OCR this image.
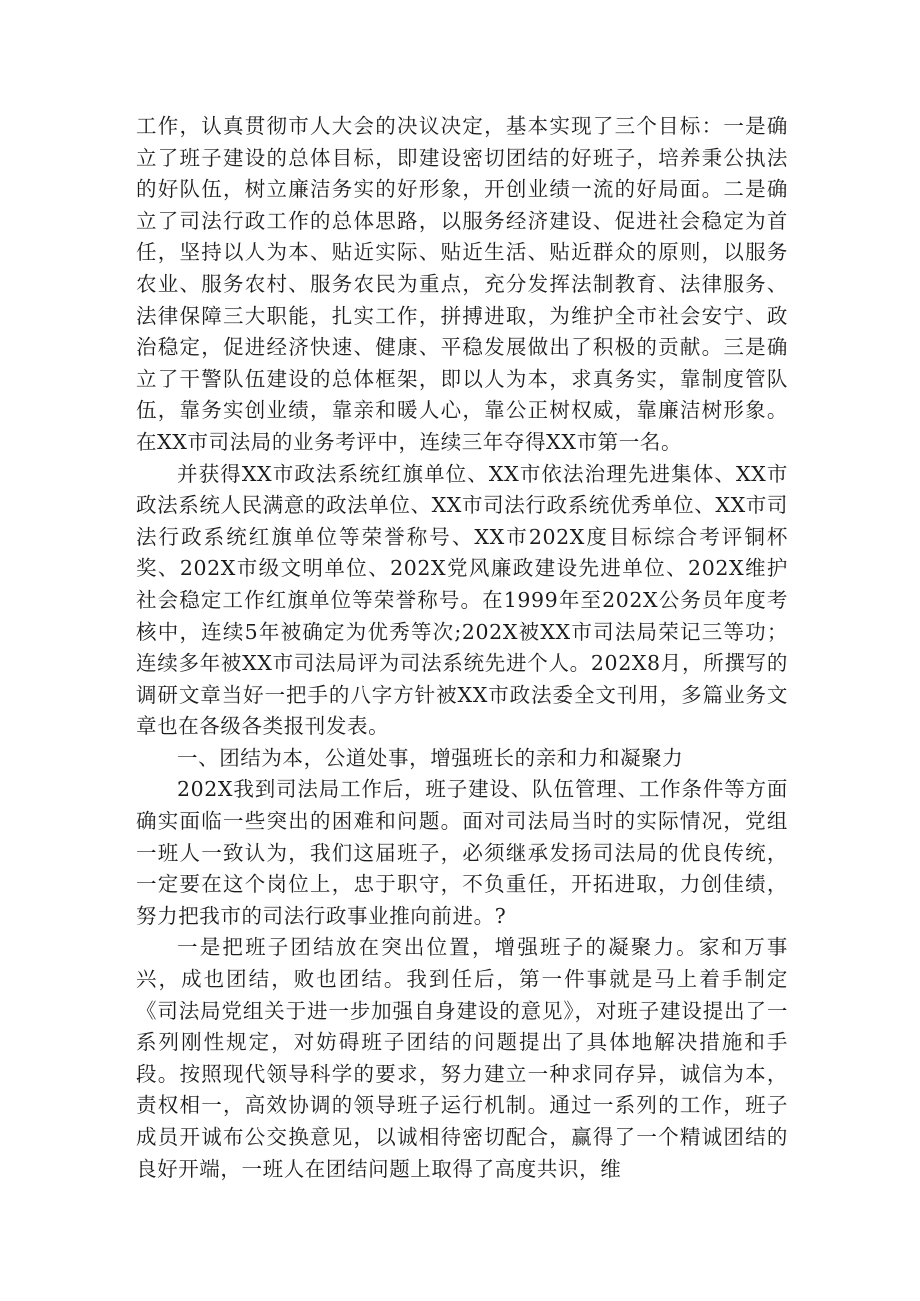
工作，认真贯彻市人大会的决议决定，基本实现了三个目标：一是确立了班子建设的总体目标，即建设密切团结的好班子，培养秉公执法的好队伍，树立廉洁务实的好形象，开创业绩一流的好局面。二是确立了司法行政工作的总体思路，以服务经济建设、促进社会稳定为首任，坚持以人为本、贴近实际、贴近生活、贴近群众的原则，以服务农业、服务农村、服务农民为重点，充分发挥法制教育、法律服务、法律保障三大职能，扎实工作，拼搏进取，为维护全市社会安宁、政治稳定，促进经济快速、健康、平稳发展做出了积极的贡献。三是确立了干警队伍建设的总体框架，即以人为本，求真务实，靠制度管队伍，靠务实创业绩，靠亲和暖人心，靠公正树权威，靠廉洁树形象。在XX市司法局的业务考评中，连续三年夺得XX市第一名。

并获得XX市政法系统红旗单位、XX市依法治理先进集体、XX市政法系统人民满意的政法单位、XX市司法行政系统优秀单位、XX市司法行政系统红旗单位等荣誉称号、XX市202X度目标综合考评铜杯奖、202X市级文明单位、202X党风廉政建设先进单位、202X维护社会稳定工作红旗单位等荣誉称号。在1999年至202X公务员年度考核中，连续5年被确定为优秀等次;202X被XX市司法局荣记三等功；连续多年被XX市司法局评为司法系统先进个人。202X8月，所撰写的调研文章当好一把手的八字方针被XX市政法委全文刊用，多篇业务文章也在各级各类报刊发表。

一、团结为本，公道处事，增强班长的亲和力和凝聚力

202X我到司法局工作后，班子建设、队伍管理、工作条件等方面确实面临一些突出的困难和问题。面对司法局当时的实际情况，党组一班人一致认为，我们这届班子，必须继承发扬司法局的优良传统，一定要在这个岗位上，忠于职守，不负重任，开拓进取，力创佳绩，努力把我市的司法行政事业推向前进。?

一是把班子团结放在突出位置，增强班子的凝聚力。家和万事兴，成也团结，败也团结。我到任后，第一件事就是马上着手制定《司法局党组关于进一步加强自身建设的意见》，对班子建设提出了一系列刚性规定，对妨碍班子团结的问题提出了具体地解决措施和手段。按照现代领导科学的要求，努力建立一种求同存异，诚信为本，责权相一，高效协调的领导班子运行机制。通过一系列的工作，班子成员开诚布公交换意见，以诚相待密切配合，赢得了一个精诚团结的良好开端，一班人在团结问题上取得了高度共识，维
